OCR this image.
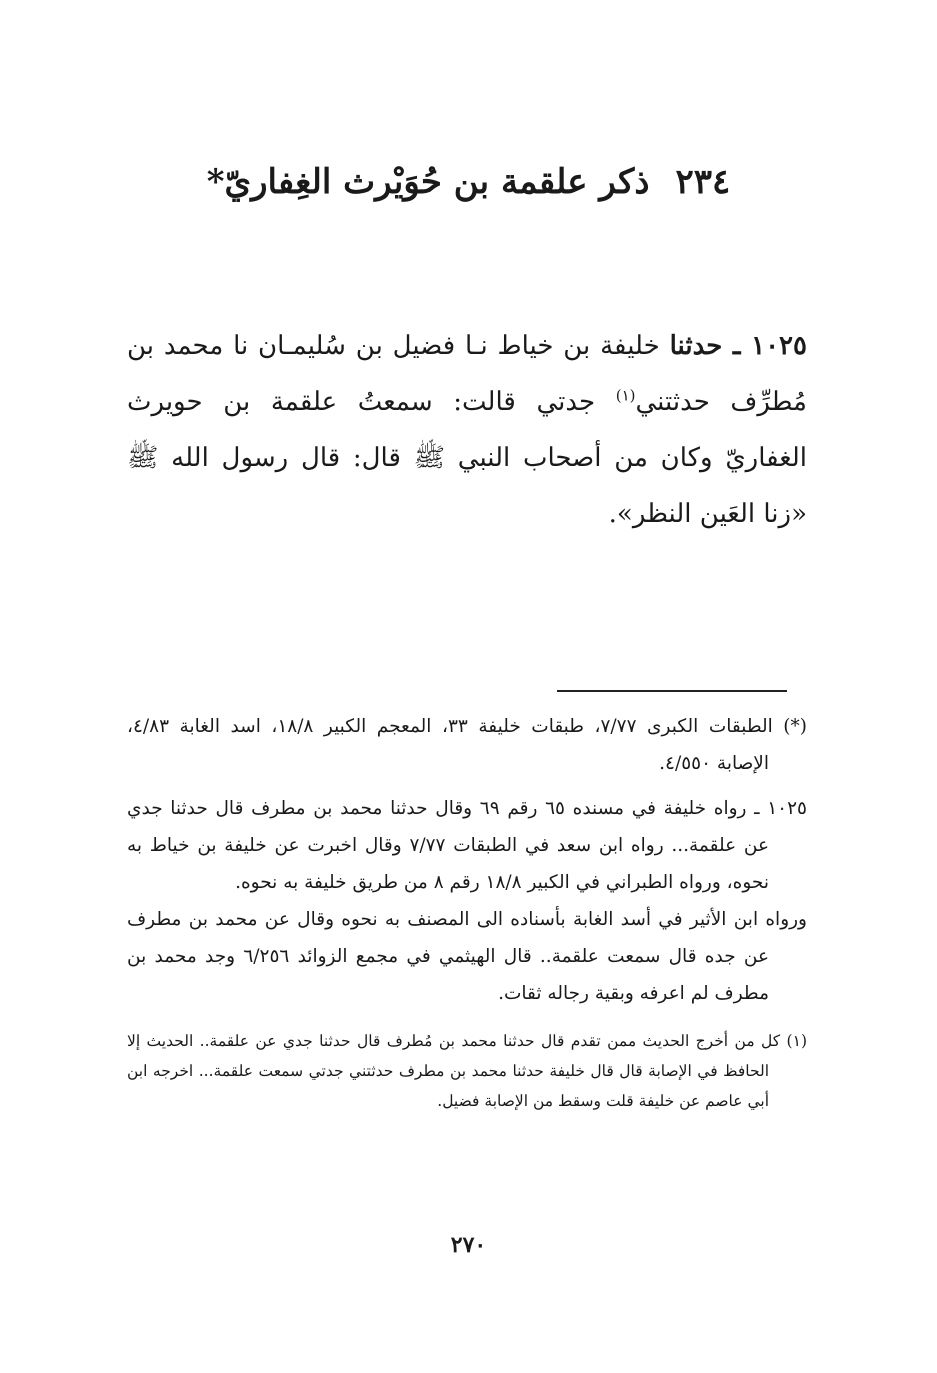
٢٣٤ذكر علقمة بن حُوَيْرث الغِفاريّ*
١٠٢٥ ـ حدثنا خليفة بن خياط نـا فضيل بن سُليمـان نا محمد بن مُطرِّف حدثتني$^{(١)}$ جدتي قالت: سمعتُ علقمة بن حويرث الغفاريّ وكان من أصحاب النبي ﷺ قال: قال رسول الله ﷺ «زنا العَين النظر».

(*) الطبقات الكبرى ٧/٧٧، طبقات خليفة ٣٣، المعجم الكبير ١٨/٨، اسد الغابة ٤/٨٣، الإصابة ٤/٥٥٠.

١٠٢٥ ـ رواه خليفة في مسنده ٦٥ رقم ٦٩ وقال حدثنا محمد بن مطرف قال حدثنا جدي عن علقمة... رواه ابن سعد في الطبقات ٧/٧٧ وقال اخبرت عن خليفة بن خياط به نحوه، ورواه الطبراني في الكبير ١٨/٨ رقم ٨ من طريق خليفة به نحوه.

ورواه ابن الأثير في أسد الغابة بأسناده الى المصنف به نحوه وقال عن محمد بن مطرف عن جده قال سمعت علقمة.. قال الهيثمي في مجمع الزوائد ٦/٢٥٦ وجد محمد بن مطرف لم اعرفه وبقية رجاله ثقات.

(١) كل من أخرج الحديث ممن تقدم قال حدثنا محمد بن مُطرف قال حدثنا جدي عن علقمة.. الحديث إلا الحافظ في الإصابة قال قال خليفة حدثنا محمد بن مطرف حدثتني جدتي سمعت علقمة... اخرجه ابن أبي عاصم عن خليفة قلت وسقط من الإصابة فضيل.

٢٧٠
